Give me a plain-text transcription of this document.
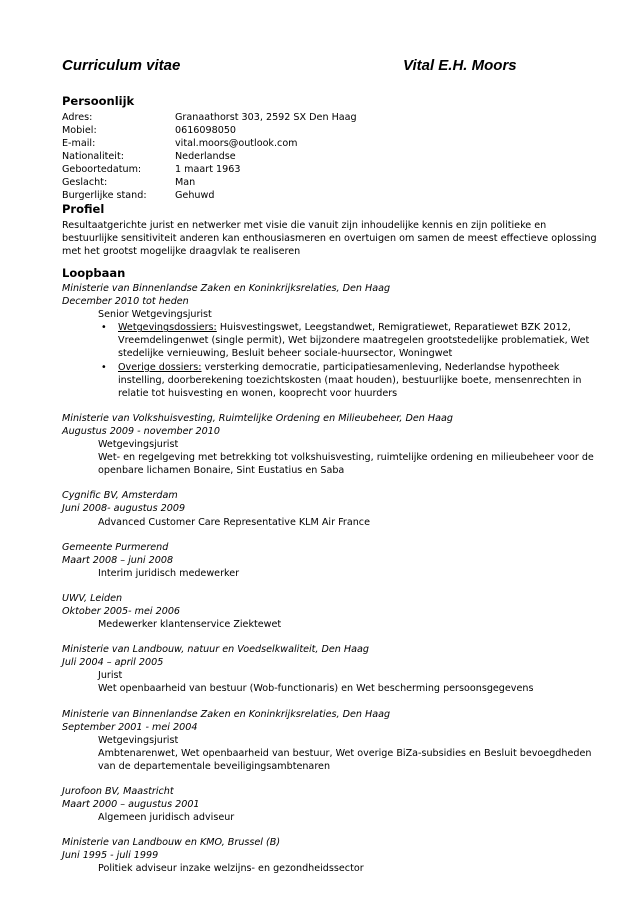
Curriculum vitae	Vital E.H. Moors
Persoonlijk
Adres:	Granaathorst 303, 2592 SX Den Haag
Mobiel:	0616098050
E-mail:	vital.moors@outlook.com
Nationaliteit:	Nederlandse
Geboortedatum:	1 maart 1963
Geslacht:	Man
Burgerlijke stand:	Gehuwd
Profiel
Resultaatgerichte jurist en netwerker met visie die vanuit zijn inhoudelijke kennis en zijn politieke en bestuurlijke sensitiviteit anderen kan enthousiasmeren en overtuigen om samen de meest effectieve oplossing met het grootst mogelijke draagvlak te realiseren
Loopbaan
Ministerie van Binnenlandse Zaken en Koninkrijksrelaties, Den Haag
December 2010 tot heden
Senior Wetgevingsjurist
• Wetgevingsdossiers: Huisvestingswet, Leegstandwet, Remigratiewet, Reparatiewet BZK 2012, Vreemdelingenwet (single permit), Wet bijzondere maatregelen grootstedelijke problematiek, Wet stedelijke vernieuwing, Besluit beheer sociale-huursector, Woningwet
• Overige dossiers: versterking democratie, participatiesamenleving, Nederlandse hypotheek instelling, doorberekening toezichtskosten (maat houden), bestuurlijke boete, mensenrechten in relatie tot huisvesting en wonen, kooprecht voor huurders
Ministerie van Volkshuisvesting, Ruimtelijke Ordening en Milieubeheer, Den Haag
Augustus 2009 - november 2010
Wetgevingsjurist
Wet- en regelgeving met betrekking tot volkshuisvesting, ruimtelijke ordening en milieubeheer voor de openbare lichamen Bonaire, Sint Eustatius en Saba
Cygnific BV, Amsterdam
Juni 2008- augustus 2009
Advanced Customer Care Representative KLM Air France
Gemeente Purmerend
Maart 2008 – juni 2008
Interim juridisch medewerker
UWV, Leiden
Oktober 2005- mei 2006
Medewerker klantenservice Ziektewet
Ministerie van Landbouw, natuur en Voedselkwaliteit, Den Haag
Juli 2004 – april 2005
Jurist
Wet openbaarheid van bestuur (Wob-functionaris) en Wet bescherming persoonsgegevens
Ministerie van Binnenlandse Zaken en Koninkrijksrelaties, Den Haag
September 2001 - mei 2004
Wetgevingsjurist
Ambtenarenwet, Wet openbaarheid van bestuur, Wet overige BiZa-subsidies en Besluit bevoegdheden van de departementale beveiligingsambtenaren
Jurofoon BV, Maastricht
Maart 2000 – augustus 2001
Algemeen juridisch adviseur
Ministerie van Landbouw en KMO, Brussel (B)
Juni 1995 - juli 1999
Politiek adviseur inzake welzijns- en gezondheidssector
